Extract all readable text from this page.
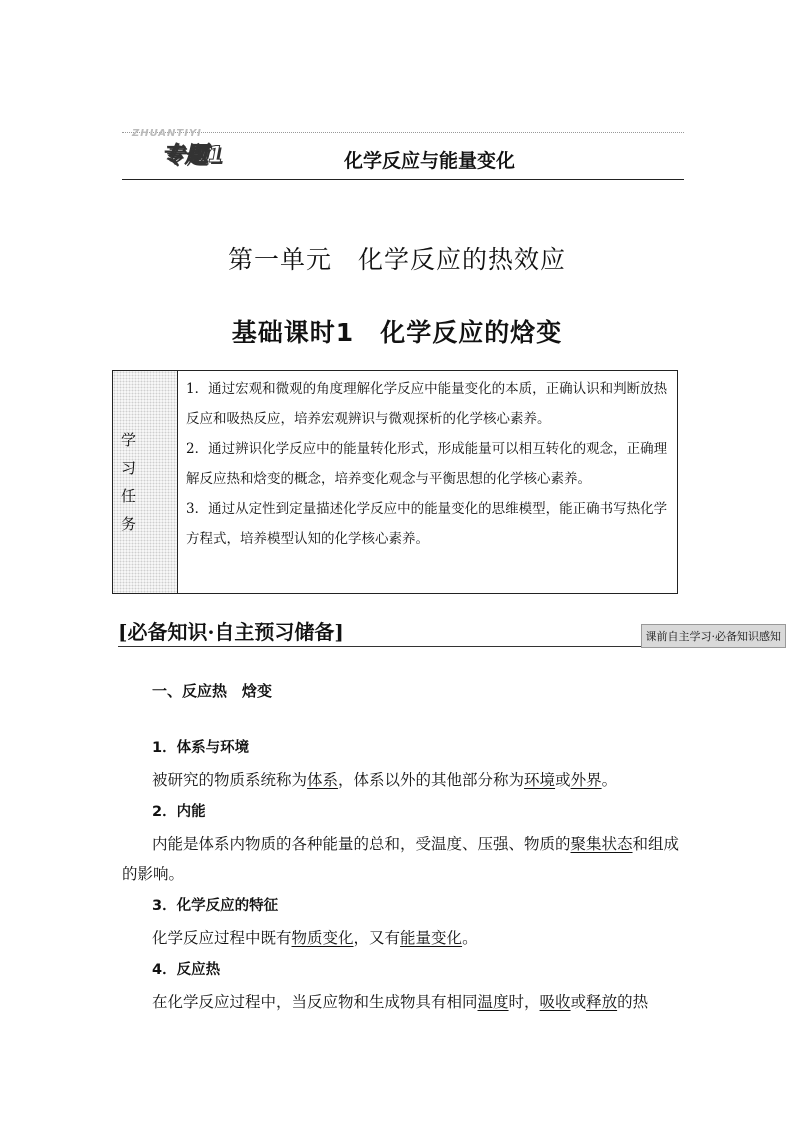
ZHUANTIYI
专题1	化学反应与能量变化
第一单元　化学反应的热效应
基础课时1　化学反应的焓变
学 习
任 务

1．通过宏观和微观的角度理解化学反应中能量变化的本质，正确认识和判断放热反应和吸热反应，培养宏观辨识与微观探析的化学核心素养。

2．通过辨识化学反应中的能量转化形式，形成能量可以相互转化的观念，正确理解反应热和焓变的概念，培养变化观念与平衡思想的化学核心素养。

3．通过从定性到定量描述化学反应中的能量变化的思维模型，能正确书写热化学方程式，培养模型认知的化学核心素养。

[必备知识·自主预习储备]	课前自主学习·必备知识感知

一、反应热　焓变

1．体系与环境

被研究的物质系统称为体系，体系以外的其他部分称为环境或外界。

2．内能

内能是体系内物质的各种能量的总和，受温度、压强、物质的聚集状态和组成的影响。

3．化学反应的特征

化学反应过程中既有物质变化，又有能量变化。

4．反应热

在化学反应过程中，当反应物和生成物具有相同温度时，吸收或释放的热
